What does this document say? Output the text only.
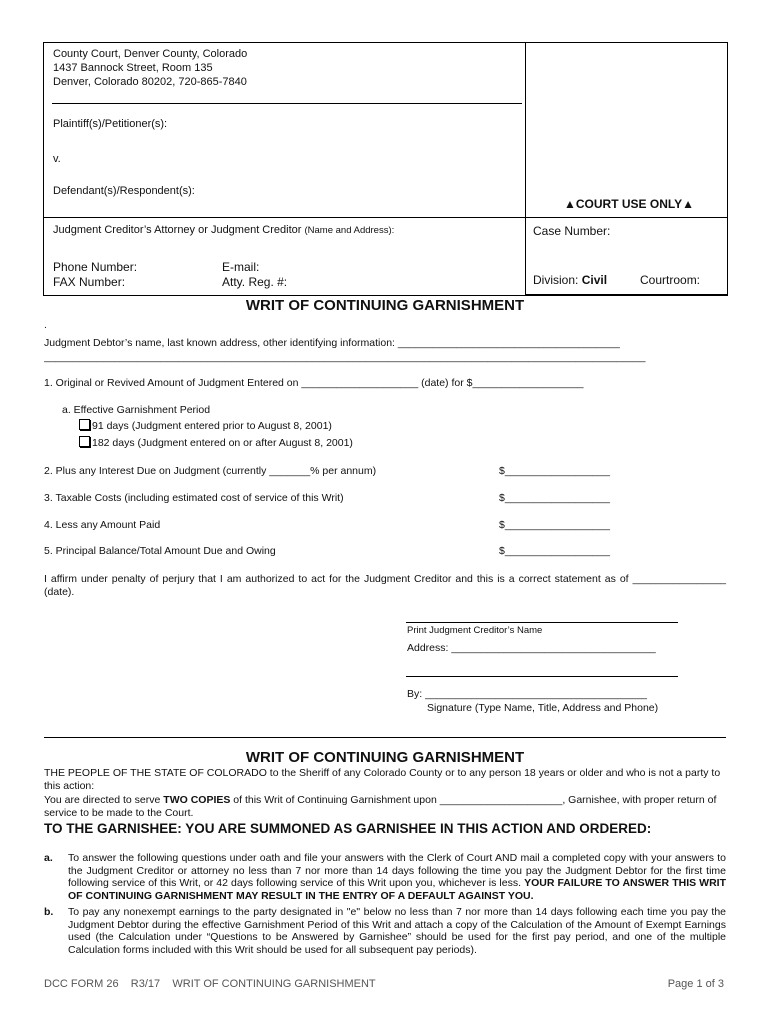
County Court, Denver County, Colorado
1437 Bannock Street, Room 135
Denver, Colorado 80202, 720-865-7840
Plaintiff(s)/Petitioner(s):
v.
Defendant(s)/Respondent(s):
▲COURT USE ONLY▲
Judgment Creditor’s Attorney or Judgment Creditor (Name and Address):	Case Number:
Phone Number:	E-mail:
FAX Number:	Atty. Reg. #:	Division: Civil	Courtroom:
WRIT OF CONTINUING GARNISHMENT
.
Judgment Debtor’s name, last known address, other identifying information: ______________________________________
_______________________________________________________________________________________________________
1. Original or Revived Amount of Judgment Entered on ____________________ (date) for $___________________
a. Effective Garnishment Period
91 days (Judgment entered prior to August 8, 2001)
182 days (Judgment entered on or after August 8, 2001)
2. Plus any Interest Due on Judgment (currently _______% per annum)	$__________________
3. Taxable Costs (including estimated cost of service of this Writ)	$__________________
4. Less any Amount Paid	$__________________
5. Principal Balance/Total Amount Due and Owing	$__________________
I affirm under penalty of perjury that I am authorized to act for the Judgment Creditor and this is a correct statement as of ________________ (date).
Print Judgment Creditor’s Name
Address: ___________________________________
By: ______________________________________
Signature (Type Name, Title, Address and Phone)
WRIT OF CONTINUING GARNISHMENT
THE PEOPLE OF THE STATE OF COLORADO to the Sheriff of any Colorado County or to any person 18 years or older and who is not a party to this action:
You are directed to serve TWO COPIES of this Writ of Continuing Garnishment upon _____________________, Garnishee, with proper return of service to be made to the Court.
TO THE GARNISHEE: YOU ARE SUMMONED AS GARNISHEE IN THIS ACTION AND ORDERED:
a. To answer the following questions under oath and file your answers with the Clerk of Court AND mail a completed copy with your answers to the Judgment Creditor or attorney no less than 7 nor more than 14 days following the time you pay the Judgment Debtor for the first time following service of this Writ, or 42 days following service of this Writ upon you, whichever is less. YOUR FAILURE TO ANSWER THIS WRIT OF CONTINUING GARNISHMENT MAY RESULT IN THE ENTRY OF A DEFAULT AGAINST YOU.
b. To pay any nonexempt earnings to the party designated in "e" below no less than 7 nor more than 14 days following each time you pay the Judgment Debtor during the effective Garnishment Period of this Writ and attach a copy of the Calculation of the Amount of Exempt Earnings used (the Calculation under “Questions to be Answered by Garnishee” should be used for the first pay period, and one of the multiple Calculation forms included with this Writ should be used for all subsequent pay periods).
DCC FORM 26    R3/17    WRIT OF CONTINUING GARNISHMENT	Page 1 of 3
